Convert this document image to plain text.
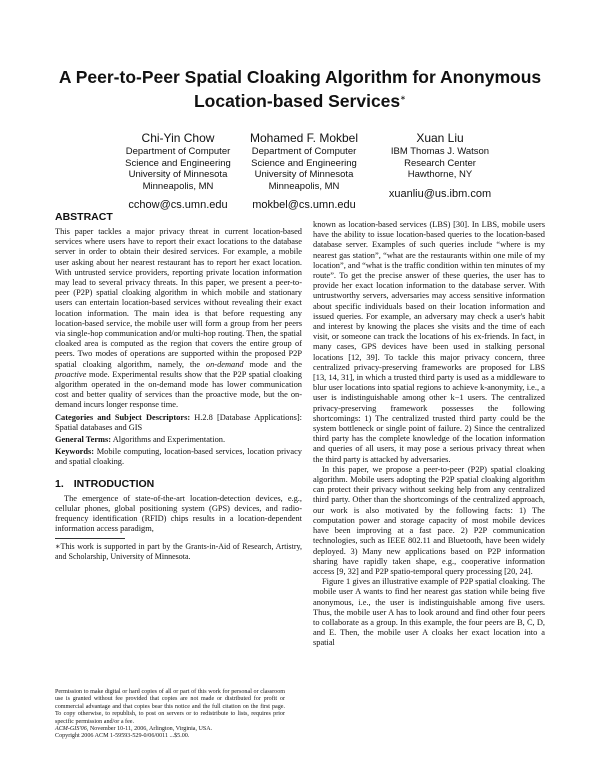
A Peer-to-Peer Spatial Cloaking Algorithm for Anonymous
Location-based Services∗
Chi-Yin Chow
Department of Computer
Science and Engineering
University of Minnesota
Minneapolis, MN
cchow@cs.umn.edu
Mohamed F. Mokbel
Department of Computer
Science and Engineering
University of Minnesota
Minneapolis, MN
mokbel@cs.umn.edu
Xuan Liu
IBM Thomas J. Watson
Research Center
Hawthorne, NY
xuanliu@us.ibm.com
ABSTRACT

This paper tackles a major privacy threat in current location-based services where users have to report their exact locations to the database server in order to obtain their desired services. For example, a mobile user asking about her nearest restaurant has to report her exact location. With untrusted service providers, reporting private location information may lead to several privacy threats. In this paper, we present a peer-to-peer (P2P) spatial cloaking algorithm in which mobile and stationary users can entertain location-based services without revealing their exact location information. The main idea is that before requesting any location-based service, the mobile user will form a group from her peers via single-hop communication and/or multi-hop routing. Then, the spatial cloaked area is computed as the region that covers the entire group of peers. Two modes of operations are supported within the proposed P2P spatial cloaking algorithm, namely, the on-demand mode and the proactive mode. Experimental results show that the P2P spatial cloaking algorithm operated in the on-demand mode has lower communication cost and better quality of services than the proactive mode, but the on-demand incurs longer response time.

Categories and Subject Descriptors: H.2.8 [Database Applications]: Spatial databases and GIS
General Terms: Algorithms and Experimentation.
Keywords: Mobile computing, location-based services, location privacy and spatial cloaking.
1. INTRODUCTION

The emergence of state-of-the-art location-detection devices, e.g., cellular phones, global positioning system (GPS) devices, and radio-frequency identification (RFID) chips results in a location-dependent information access paradigm,

∗This work is supported in part by the Grants-in-Aid of Research, Artistry, and Scholarship, University of Minnesota.

Permission to make digital or hard copies of all or part of this work for personal or classroom use is granted without fee provided that copies are not made or distributed for profit or commercial advantage and that copies bear this notice and the full citation on the first page. To copy otherwise, to republish, to post on servers or to redistribute to lists, requires prior specific permission and/or a fee.

ACM-GIS'06, November 10-11, 2006, Arlington, Virginia, USA.

Copyright 2006 ACM 1-59593-529-0/06/0011 ...$5.00.

known as location-based services (LBS) [30]. In LBS, mobile users have the ability to issue location-based queries to the location-based database server. Examples of such queries include “where is my nearest gas station”, “what are the restaurants within one mile of my location”, and “what is the traffic condition within ten minutes of my route”. To get the precise answer of these queries, the user has to provide her exact location information to the database server. With untrustworthy servers, adversaries may access sensitive information about specific individuals based on their location information and issued queries. For example, an adversary may check a user's habit and interest by knowing the places she visits and the time of each visit, or someone can track the locations of his ex-friends. In fact, in many cases, GPS devices have been used in stalking personal locations [12, 39]. To tackle this major privacy concern, three centralized privacy-preserving frameworks are proposed for LBS [13, 14, 31], in which a trusted third party is used as a middleware to blur user locations into spatial regions to achieve k-anonymity, i.e., a user is indistinguishable among other k−1 users. The centralized privacy-preserving framework possesses the following shortcomings: 1) The centralized trusted third party could be the system bottleneck or single point of failure. 2) Since the centralized third party has the complete knowledge of the location information and queries of all users, it may pose a serious privacy threat when the third party is attacked by adversaries.

In this paper, we propose a peer-to-peer (P2P) spatial cloaking algorithm. Mobile users adopting the P2P spatial cloaking algorithm can protect their privacy without seeking help from any centralized third party. Other than the shortcomings of the centralized approach, our work is also motivated by the following facts: 1) The computation power and storage capacity of most mobile devices have been improving at a fast pace. 2) P2P communication technologies, such as IEEE 802.11 and Bluetooth, have been widely deployed. 3) Many new applications based on P2P information sharing have rapidly taken shape, e.g., cooperative information access [9, 32] and P2P spatio-temporal query processing [20, 24].

Figure 1 gives an illustrative example of P2P spatial cloaking. The mobile user A wants to find her nearest gas station while being five anonymous, i.e., the user is indistinguishable among five users. Thus, the mobile user A has to look around and find other four peers to collaborate as a group. In this example, the four peers are B, C, D, and E. Then, the mobile user A cloaks her exact location into a spatial
